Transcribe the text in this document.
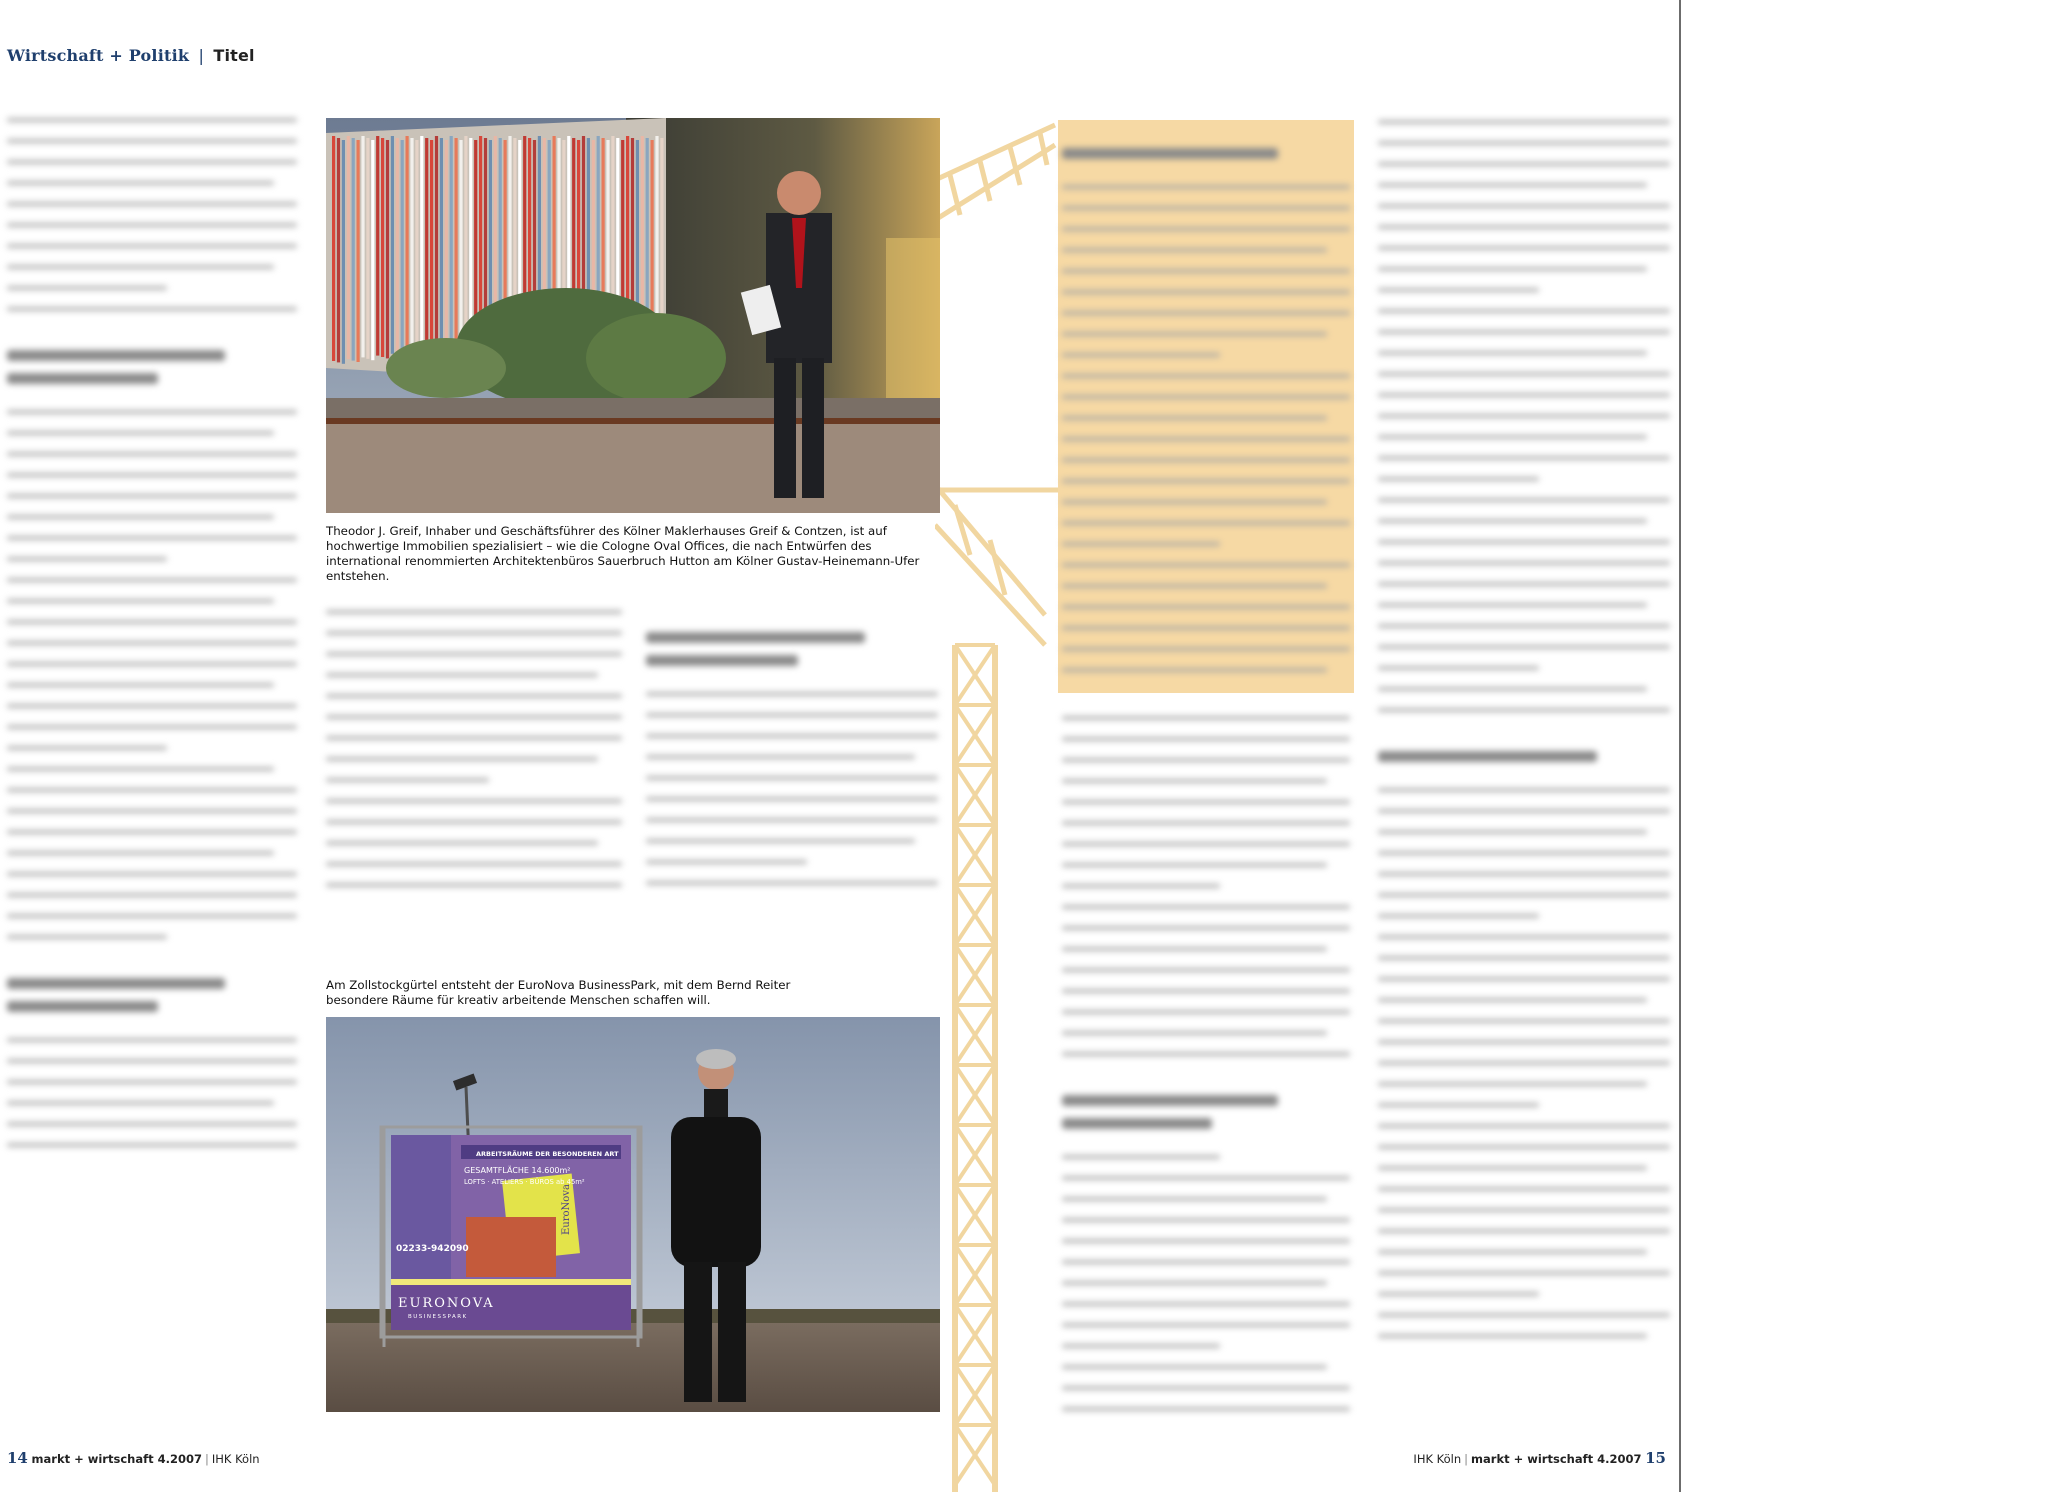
Wirtschaft + Politik | Titel
Theodor J. Greif, Inhaber und Geschäftsführer des Kölner Maklerhauses Greif & Contzen, ist auf hochwertige Immobilien spezialisiert – wie die Cologne Oval Offices, die nach Entwürfen des international renommierten Architektenbüros Sauerbruch Hutton am Kölner Gustav-Heinemann-Ufer entstehen.
Am Zollstockgürtel entsteht der EuroNova BusinessPark, mit dem Bernd Reiter besondere Räume für kreativ arbeitende Menschen schaffen will.
ARBEITSRÄUME DER BESONDEREN ART
GESAMTFLÄCHE 14.600m²
LOFTS · ATELIERS · BÜROS ab 45m²
02233-942090
EURONOVA
BUSINESSPARK
EuroNova
14 markt + wirtschaft 4.2007 | IHK Köln	IHK Köln | markt + wirtschaft 4.2007 15
